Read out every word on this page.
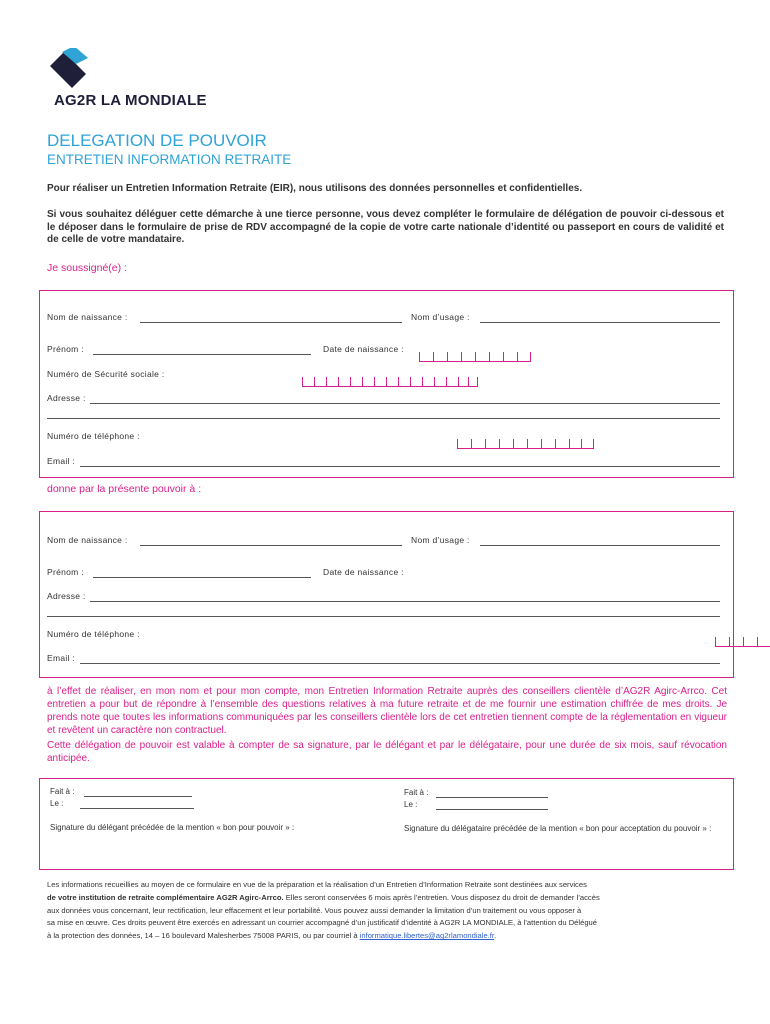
AG2R LA MONDIALE
DELEGATION DE POUVOIR
ENTRETIEN INFORMATION RETRAITE
Pour réaliser un Entretien Information Retraite (EIR), nous utilisons des données personnelles et confidentielles.
Si vous souhaitez déléguer cette démarche à une tierce personne, vous devez compléter le formulaire de délégation de pouvoir ci-dessous et le déposer dans le formulaire de prise de RDV accompagné de la copie de votre carte nationale d’identité ou passeport en cours de validité et de celle de votre mandataire.
Je soussigné(e) :
Nom de naissance :	Nom d’usage :
Prénom :	Date de naissance :

Numéro de Sécurité sociale :

Adresse :
Numéro de téléphone :

Email :
donne par la présente pouvoir à :
Nom de naissance :	Nom d’usage :
Prénom :	Date de naissance :

Adresse :
Numéro de téléphone :
Email :
à l’effet de réaliser, en mon nom et pour mon compte, mon Entretien Information Retraite auprès des conseillers clientèle d’AG2R Agirc-Arrco. Cet entretien a pour but de répondre à l’ensemble des questions relatives à ma future retraite et de me fournir une estimation chiffrée de mes droits. Je prends note que toutes les informations communiquées par les conseillers clientèle lors de cet entretien tiennent compte de la réglementation en vigueur et revêtent un caractère non contractuel.
Cette délégation de pouvoir est valable à compter de sa signature, par le délégant et par le délégataire, pour une durée de six mois, sauf révocation anticipée.
Fait à :
Le :
Signature du délégant précédée de la mention « bon pour pouvoir » :
Fait à :
Le :
Signature du délégataire précédée de la mention « bon pour acceptation du pouvoir » :
Les informations recueillies au moyen de ce formulaire en vue de la préparation et la réalisation d’un Entretien d’Information Retraite sont destinées aux services
de votre institution de retraite complémentaire AG2R Agirc-Arrco. Elles seront conservées 6 mois après l’entretien. Vous disposez du droit de demander l’accès
aux données vous concernant, leur rectification, leur effacement et leur portabilité. Vous pouvez aussi demander la limitation d’un traitement ou vous opposer à
sa mise en œuvre. Ces droits peuvent être exercés en adressant un courrier accompagné d’un justificatif d’identité à AG2R LA MONDIALE, à l’attention du Délégué
à la protection des données, 14 – 16 boulevard Malesherbes 75008 PARIS, ou par courriel à informatique.libertes@ag2rlamondiale.fr.
